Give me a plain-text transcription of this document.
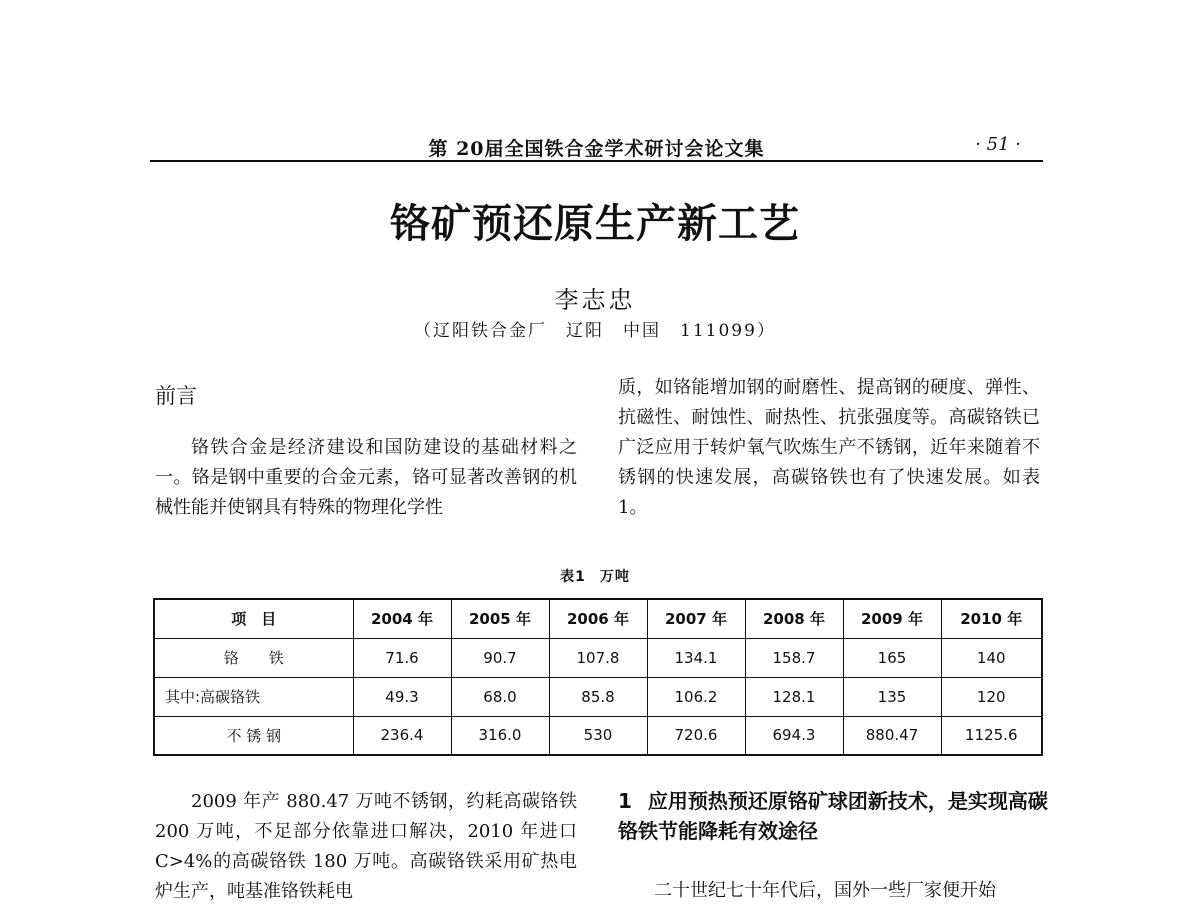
第 20届全国铁合金学术研讨会论文集	· 51 ·
铬矿预还原生产新工艺
李志忠
（辽阳铁合金厂　辽阳　中国　111099）
前言

铬铁合金是经济建设和国防建设的基础材料之一。铬是钢中重要的合金元素，铬可显著改善钢的机械性能并使钢具有特殊的物理化学性

质，如铬能增加钢的耐磨性、提高钢的硬度、弹性、抗磁性、耐蚀性、耐热性、抗张强度等。高碳铬铁已广泛应用于转炉氧气吹炼生产不锈钢，近年来随着不锈钢的快速发展，高碳铬铁也有了快速发展。如表 1。

表1 万吨
项　目	2004 年	2005 年	2006 年	2007 年	2008 年	2009 年	2010 年
铬　　铁	71.6	90.7	107.8	134.1	158.7	165	140
其中:高碳铬铁	49.3	68.0	85.8	106.2	128.1	135	120
不 锈 钢	236.4	316.0	530	720.6	694.3	880.47	1125.6

2009 年产 880.47 万吨不锈钢，约耗高碳铬铁 200 万吨，不足部分依靠进口解决，2010 年进口 C>4%的高碳铬铁 180 万吨。高碳铬铁采用矿热电炉生产，吨基准铬铁耗电

1 应用预热预还原铬矿球团新技术，是实现高碳铬铁节能降耗有效途径

二十世纪七十年代后，国外一些厂家便开始
